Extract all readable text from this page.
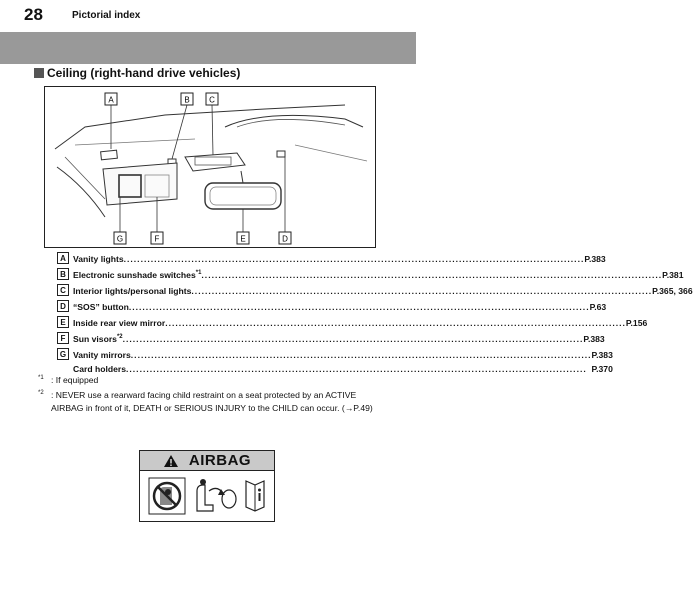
28	Pictorial index
Ceiling (right-hand drive vehicles)
A	B C
G	F	E	D
A Vanity lights .....	P.383
B Electronic sunshade switches$^{*1}$ .....	P.381
C Interior lights/personal lights .....	P.365, 366
D “SOS” button .....	P.63
E Inside rear view mirror .....	P.156
F Sun visors$^{*2}$ .....	P.383
G Vanity mirrors .....	P.383
Card holders .....	P.370
$^{*1}$ : If equipped
$^{*2}$ : NEVER use a rearward facing child restraint on a seat protected by an ACTIVE AIRBAG in front of it, DEATH or SERIOUS INJURY to the CHILD can occur. (→P.49)
AIRBAG
